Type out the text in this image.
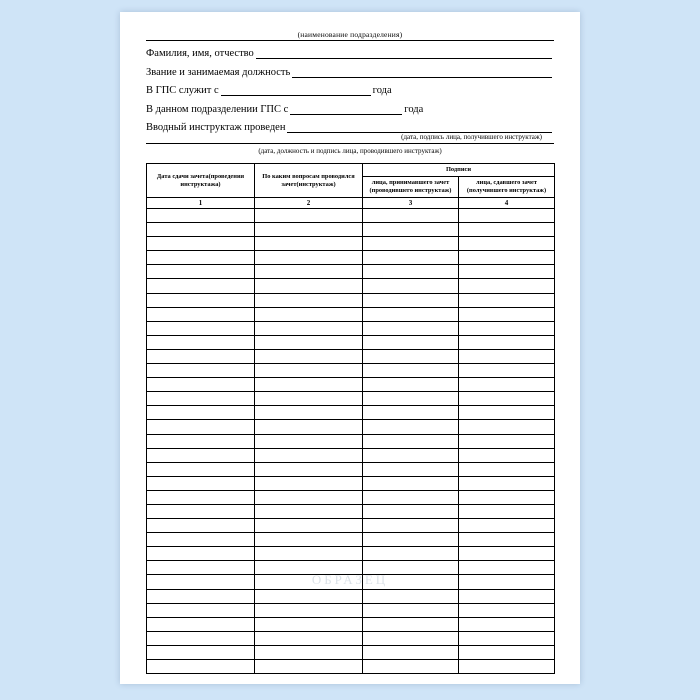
(наименование подразделения)
Фамилия, имя, отчество
Звание и занимаемая должность
В ГПС служит с	года
В данном подразделении ГПС с	года
Вводный инструктаж проведен
(дата, подпись лица, получившего инструктаж)
(дата, должность и подпись лица, проводившего инструктаж)
Дата сдачи зачета(проведения инструктажа)	По каким вопросам проводился зачет(инструктаж)	Подписи	
		лица, принимавшего зачет (проводившего инструктаж)	лица, сдавшего зачет (получившего инструктаж)
1	2	3	4

ОБРАЗЕЦ
